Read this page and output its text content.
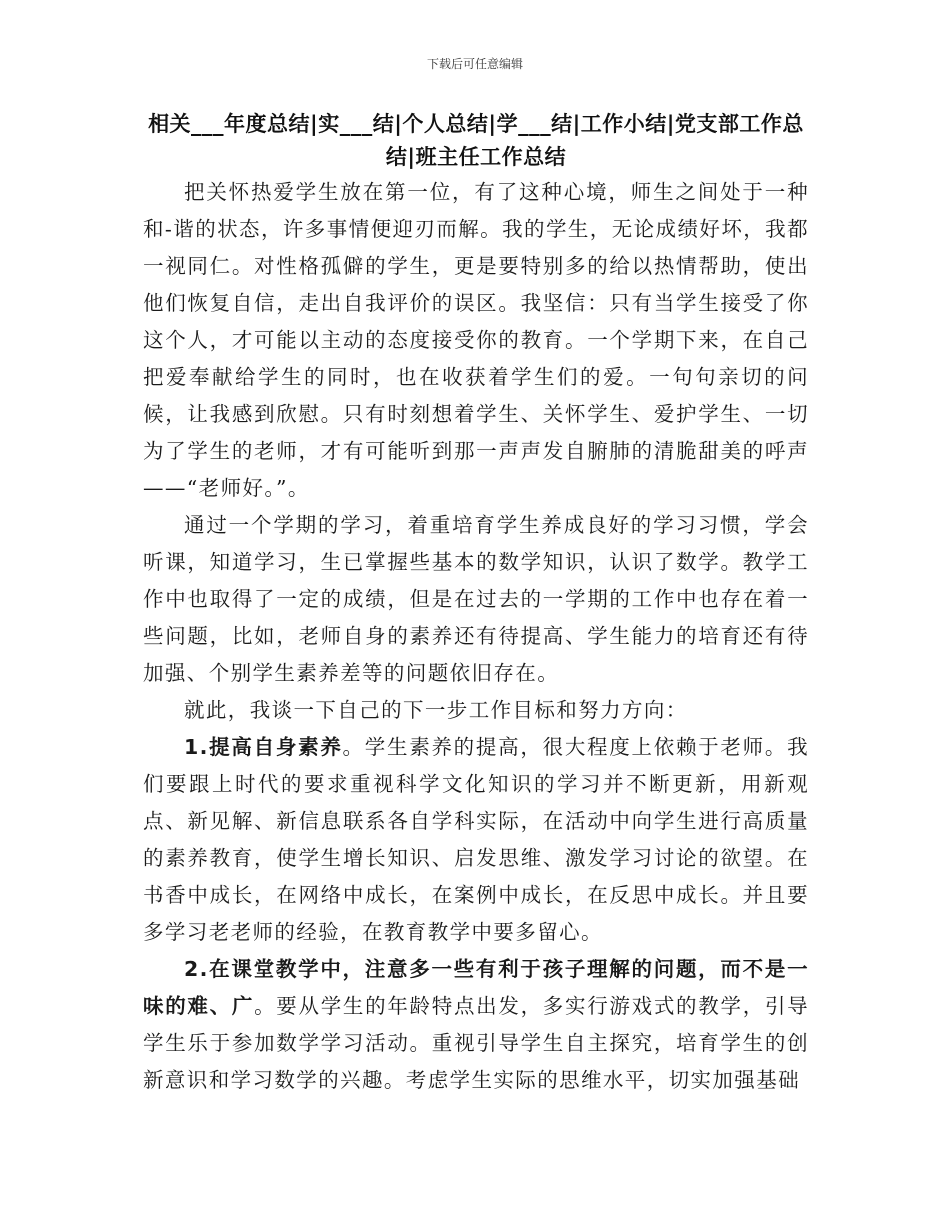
下载后可任意编辑
相关___年度总结|实___结|个人总结|学___结|工作小结|党支部工作总结|班主任工作总结

把关怀热爱学生放在第一位，有了这种心境，师生之间处于一种和-谐的状态，许多事情便迎刃而解。我的学生，无论成绩好坏，我都一视同仁。对性格孤僻的学生，更是要特别多的给以热情帮助，使出他们恢复自信，走出自我评价的误区。我坚信：只有当学生接受了你这个人，才可能以主动的态度接受你的教育。一个学期下来，在自己把爱奉献给学生的同时，也在收获着学生们的爱。一句句亲切的问候，让我感到欣慰。只有时刻想着学生、关怀学生、爱护学生、一切为了学生的老师，才有可能听到那一声声发自腑肺的清脆甜美的呼声——“老师好。”。

通过一个学期的学习，着重培育学生养成良好的学习习惯，学会听课，知道学习，生已掌握些基本的数学知识，认识了数学。教学工作中也取得了一定的成绩，但是在过去的一学期的工作中也存在着一些问题，比如，老师自身的素养还有待提高、学生能力的培育还有待加强、个别学生素养差等的问题依旧存在。

就此，我谈一下自己的下一步工作目标和努力方向：

1.提高自身素养。学生素养的提高，很大程度上依赖于老师。我们要跟上时代的要求重视科学文化知识的学习并不断更新，用新观点、新见解、新信息联系各自学科实际，在活动中向学生进行高质量的素养教育，使学生增长知识、启发思维、激发学习讨论的欲望。在书香中成长，在网络中成长，在案例中成长，在反思中成长。并且要多学习老老师的经验，在教育教学中要多留心。

2.在课堂教学中，注意多一些有利于孩子理解的问题，而不是一味的难、广。要从学生的年龄特点出发，多实行游戏式的教学，引导学生乐于参加数学学习活动。重视引导学生自主探究，培育学生的创新意识和学习数学的兴趣。考虑学生实际的思维水平，切实加强基础
